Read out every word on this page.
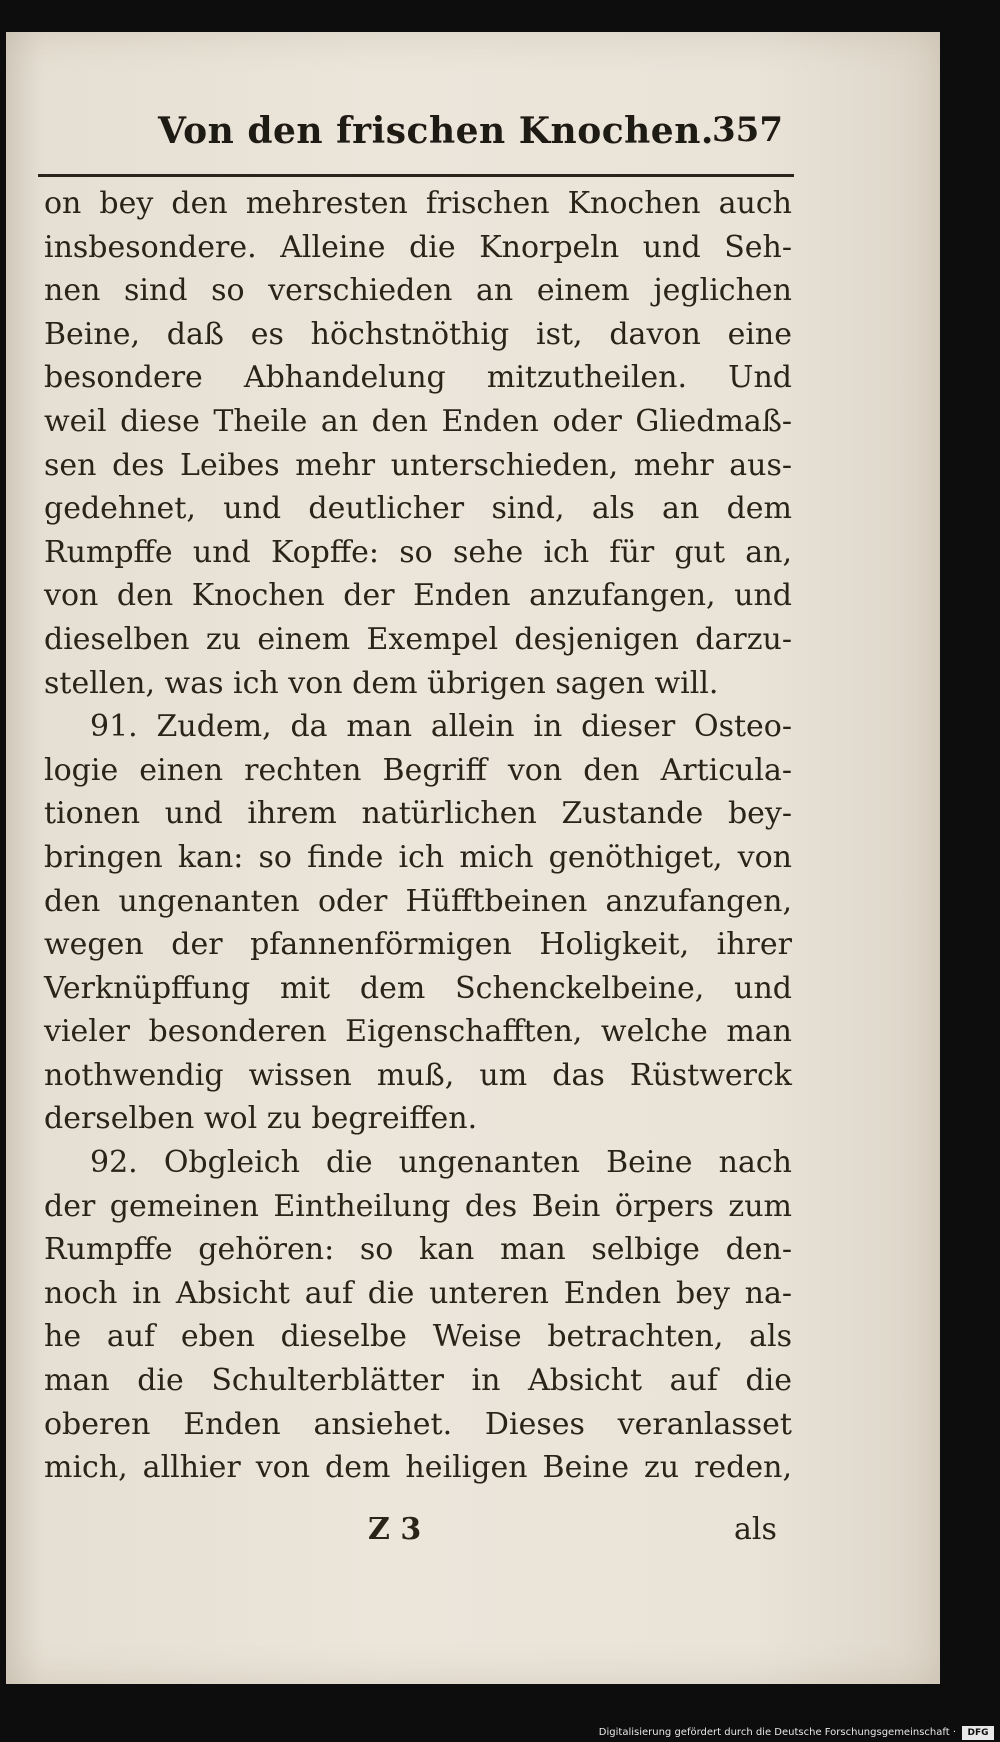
Von den frischen Knochen.
357
on bey den mehresten frischen Knochen auch
insbesondere. Alleine die Knorpeln und Seh-
nen sind so verschieden an einem jeglichen
Beine, daß es höchstnöthig ist, davon eine
besondere Abhandelung mitzutheilen. Und
weil diese Theile an den Enden oder Gliedmaß-
sen des Leibes mehr unterschieden, mehr aus-
gedehnet, und deutlicher sind, als an dem
Rumpffe und Kopffe: so sehe ich für gut an,
von den Knochen der Enden anzufangen, und
dieselben zu einem Exempel desjenigen darzu-
stellen, was ich von dem übrigen sagen will.
91. Zudem, da man allein in dieser Osteo-
logie einen rechten Begriff von den Articula-
tionen und ihrem natürlichen Zustande bey-
bringen kan: so finde ich mich genöthiget, von
den ungenanten oder Hüfftbeinen anzufangen,
wegen der pfannenförmigen Holigkeit, ihrer
Verknüpffung mit dem Schenckelbeine, und
vieler besonderen Eigenschafften, welche man
nothwendig wissen muß, um das Rüstwerck
derselben wol zu begreiffen.
92. Obgleich die ungenanten Beine nach
der gemeinen Eintheilung des Bein örpers zum
Rumpffe gehören: so kan man selbige den-
noch in Absicht auf die unteren Enden bey na-
he auf eben dieselbe Weise betrachten, als
man die Schulterblätter in Absicht auf die
oberen Enden ansiehet. Dieses veranlasset
mich, allhier von dem heiligen Beine zu reden,
Z 3	als
Digitalisierung gefördert durch die Deutsche Forschungsgemeinschaft ·	DFG
